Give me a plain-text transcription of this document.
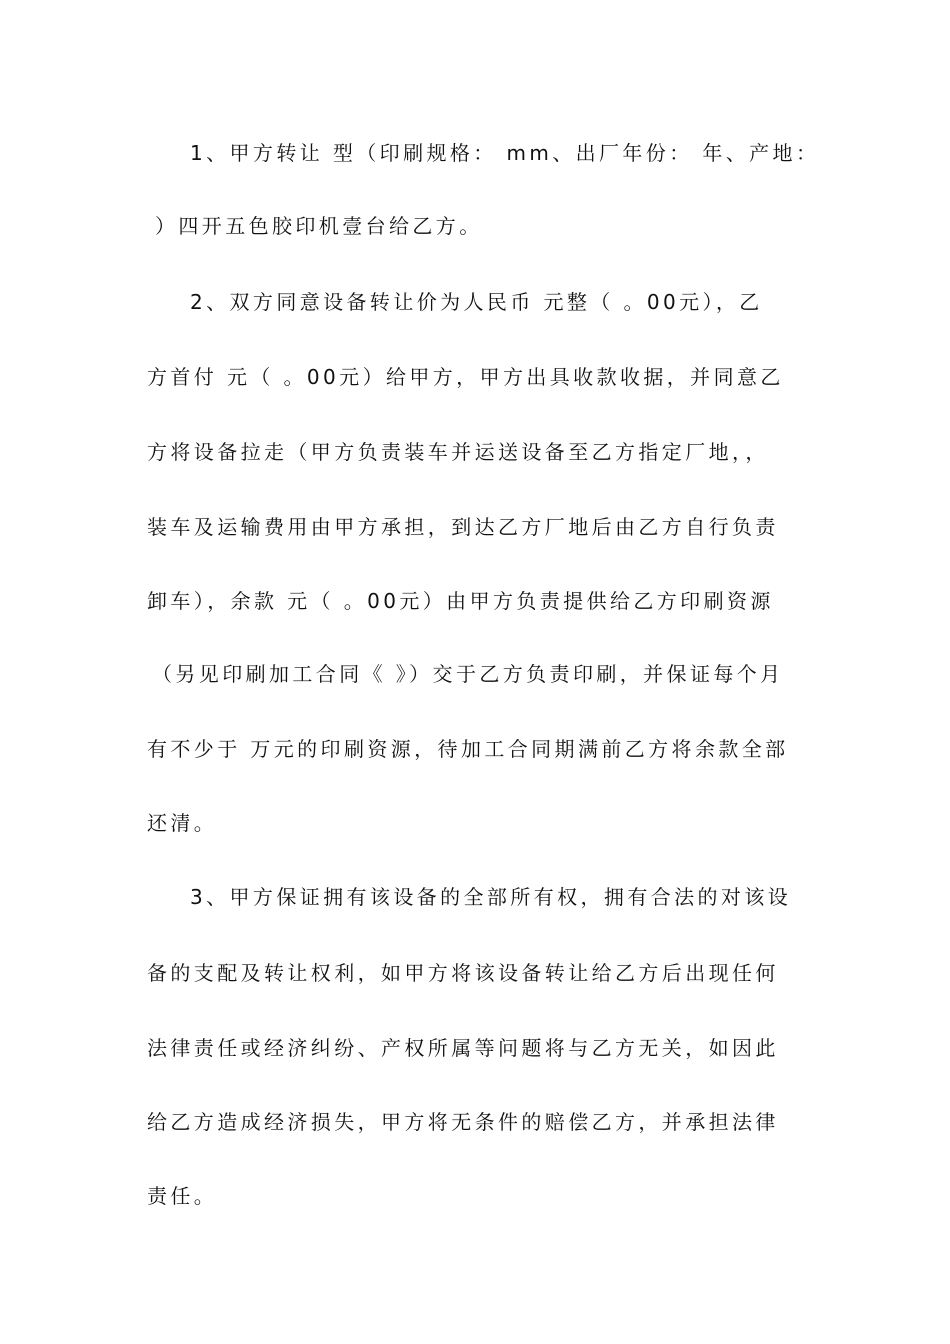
1、甲方转让 型（印刷规格： mm、出厂年份： 年、产地：
）四开五色胶印机壹台给乙方。
2、双方同意设备转让价为人民币 元整（ 。00元），乙
方首付 元（ 。00元）给甲方，甲方出具收款收据，并同意乙
方将设备拉走（甲方负责装车并运送设备至乙方指定厂地，，
装车及运输费用由甲方承担，到达乙方厂地后由乙方自行负责
卸车），余款 元（ 。00元）由甲方负责提供给乙方印刷资源
（另见印刷加工合同《 》）交于乙方负责印刷，并保证每个月
有不少于 万元的印刷资源，待加工合同期满前乙方将余款全部
还清。
3、甲方保证拥有该设备的全部所有权，拥有合法的对该设
备的支配及转让权利，如甲方将该设备转让给乙方后出现任何
法律责任或经济纠纷、产权所属等问题将与乙方无关，如因此
给乙方造成经济损失，甲方将无条件的赔偿乙方，并承担法律
责任。
